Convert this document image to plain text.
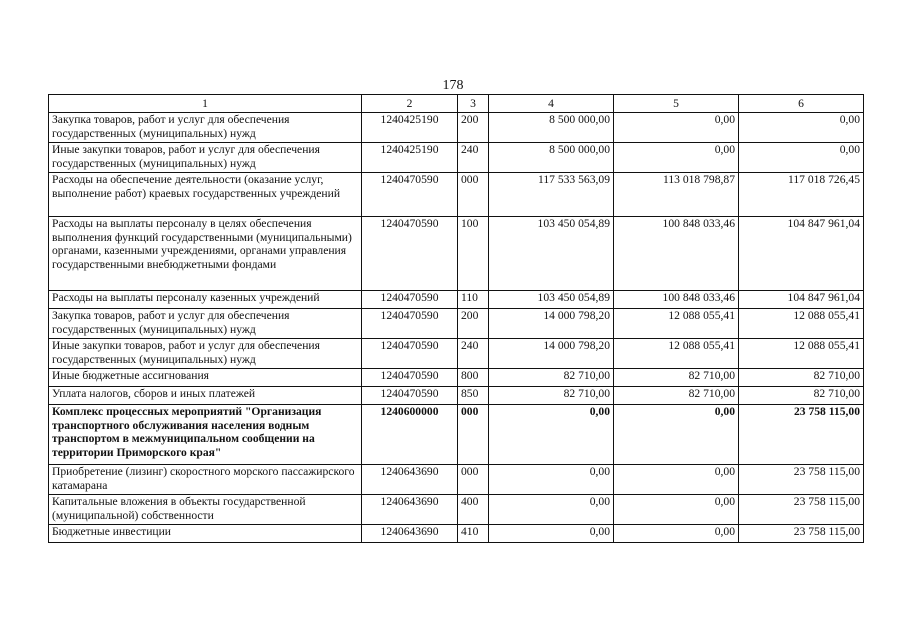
178
1	2	3	4	5	6
Закупка товаров, работ и услуг для обеспечения государственных (муниципальных) нужд	1240425190	200	8 500 000,00	0,00	0,00
Иные закупки товаров, работ и услуг для обеспечения государственных (муниципальных) нужд	1240425190	240	8 500 000,00	0,00	0,00
Расходы на обеспечение деятельности (оказание услуг, выполнение работ) краевых государственных учреждений	1240470590	000	117 533 563,09	113 018 798,87	117 018 726,45
Расходы на выплаты персоналу в целях обеспечения выполнения функций государственными (муниципальными) органами, казенными учреждениями, органами управления государственными внебюджетными фондами	1240470590	100	103 450 054,89	100 848 033,46	104 847 961,04
Расходы на выплаты персоналу казенных учреждений	1240470590	110	103 450 054,89	100 848 033,46	104 847 961,04
Закупка товаров, работ и услуг для обеспечения государственных (муниципальных) нужд	1240470590	200	14 000 798,20	12 088 055,41	12 088 055,41
Иные закупки товаров, работ и услуг для обеспечения государственных (муниципальных) нужд	1240470590	240	14 000 798,20	12 088 055,41	12 088 055,41
Иные бюджетные ассигнования	1240470590	800	82 710,00	82 710,00	82 710,00
Уплата налогов, сборов и иных платежей	1240470590	850	82 710,00	82 710,00	82 710,00
Комплекс процессных мероприятий "Организация транспортного обслуживания населения водным транспортом в межмуниципальном сообщении на территории Приморского края"	1240600000	000	0,00	0,00	23 758 115,00
Приобретение (лизинг) скоростного морского пассажирского катамарана	1240643690	000	0,00	0,00	23 758 115,00
Капитальные вложения в объекты государственной (муниципальной) собственности	1240643690	400	0,00	0,00	23 758 115,00
Бюджетные инвестиции	1240643690	410	0,00	0,00	23 758 115,00
